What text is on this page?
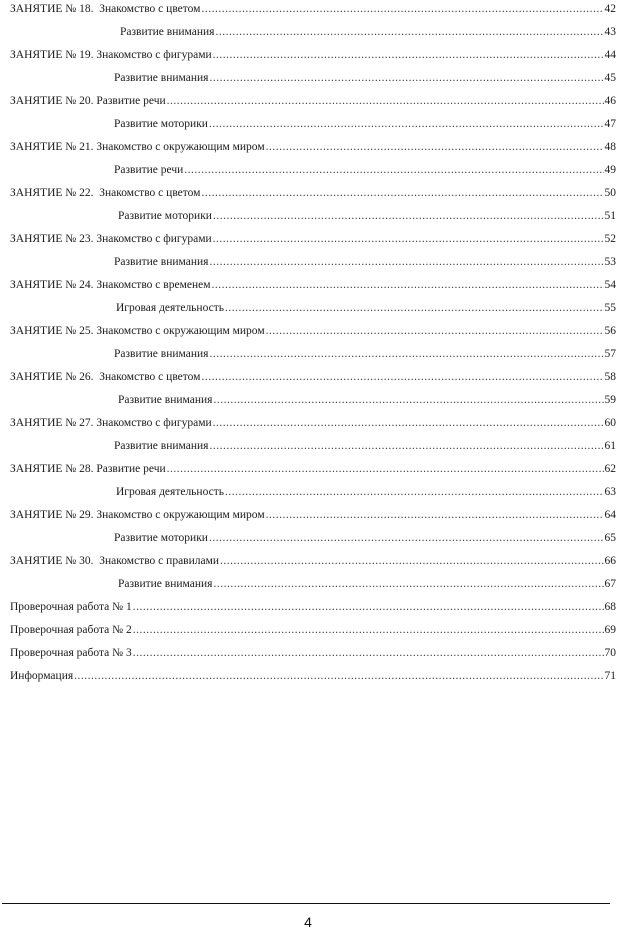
ЗАНЯТИЕ № 18.  Знакомство с цветом .....	42
Развитие внимания .....	43
ЗАНЯТИЕ № 19. Знакомство с фигурами .....	44
Развитие внимания .....	45
ЗАНЯТИЕ № 20. Развитие речи .....	46
Развитие моторики .....	47
ЗАНЯТИЕ № 21. Знакомство с окружающим миром .....	48
Развитие речи .....	49
ЗАНЯТИЕ № 22.  Знакомство с цветом .....	50
Развитие моторики .....	51
ЗАНЯТИЕ № 23. Знакомство с фигурами .....	52
Развитие внимания .....	53
ЗАНЯТИЕ № 24. Знакомство с временем .....	54
Игровая деятельность .....	55
ЗАНЯТИЕ № 25. Знакомство с окружающим миром .....	56
Развитие внимания .....	57
ЗАНЯТИЕ № 26.  Знакомство с цветом .....	58
Развитие внимания .....	59
ЗАНЯТИЕ № 27. Знакомство с фигурами .....	60
Развитие внимания .....	61
ЗАНЯТИЕ № 28. Развитие речи .....	62
Игровая деятельность .....	63
ЗАНЯТИЕ № 29. Знакомство с окружающим миром .....	64
Развитие моторики .....	65
ЗАНЯТИЕ № 30.  Знакомство с правилами .....	66
Развитие внимания .....	67
Проверочная работа № 1 .....	68
Проверочная работа № 2 .....	69
Проверочная работа № 3 .....	70
Информация .....	71
4
